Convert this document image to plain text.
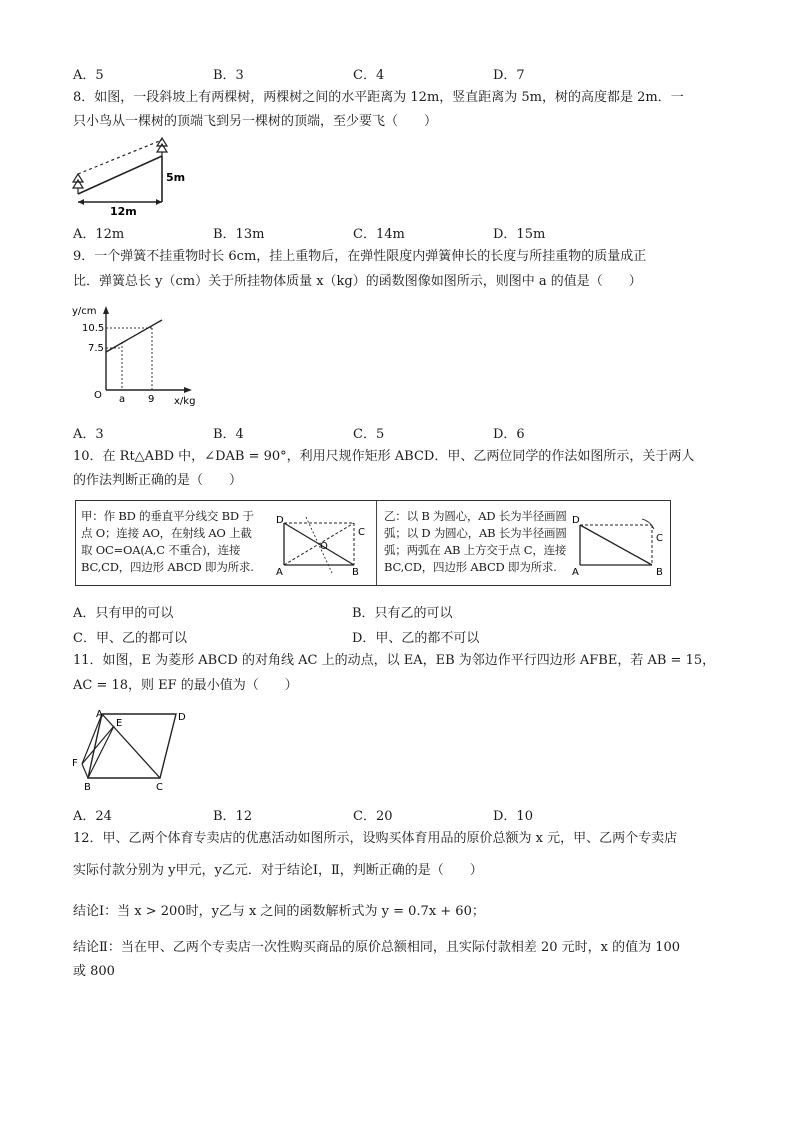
A．5	B．3	C．4	D．7
8．如图，一段斜坡上有两棵树，两棵树之间的水平距离为 12m，竖直距离为 5m，树的高度都是 2m．一
只小鸟从一棵树的顶端飞到另一棵树的顶端，至少要飞（　　）
5m
12m
A．12m	B．13m	C．14m	D．15m
9．一个弹簧不挂重物时长 6cm，挂上重物后，在弹性限度内弹簧伸长的长度与所挂重物的质量成正
比．弹簧总长 y（cm）关于所挂物体质量 x（kg）的函数图像如图所示，则图中 a 的值是（　　）
y/cm
x/kg
O
10.5
7.5
a 9
A．3	B．4	C．5	D．6
10．在 Rt△ABD 中，∠DAB = 90°，利用尺规作矩形 ABCD．甲、乙两位同学的作法如图所示，关于两人
的作法判断正确的是（　　）
甲：作 BD 的垂直平分线交 BD 于
点 O；连接 AO，在射线 AO 上截
取 OC=OA(A,C 不重合)，连接
BC,CD，四边形 ABCD 即为所求.
D
C
O
A	B
乙：以 B 为圆心，AD 长为半径画圆
弧；以 D 为圆心，AB 长为半径画圆
弧；两弧在 AB 上方交于点 C，连接
BC,CD，四边形 ABCD 即为所求.
D
C
A	B
A．只有甲的可以	B．只有乙的可以
C．甲、乙的都可以	D．甲、乙的都不可以
11．如图，E 为菱形 ABCD 的对角线 AC 上的动点，以 EA，EB 为邻边作平行四边形 AFBE，若 AB = 15，
AC = 18，则 EF 的最小值为（　　）
A
E
D
F
B	C
A．24	B．12	C．20	D．10
12．甲、乙两个体育专卖店的优惠活动如图所示，设购买体育用品的原价总额为 x 元，甲、乙两个专卖店
实际付款分别为 y甲元，y乙元．对于结论Ⅰ，Ⅱ，判断正确的是（　　）
结论Ⅰ：当 x > 200时，y乙与 x 之间的函数解析式为 y = 0.7x + 60；
结论Ⅱ：当在甲、乙两个专卖店一次性购买商品的原价总额相同，且实际付款相差 20 元时，x 的值为 100
或 800
